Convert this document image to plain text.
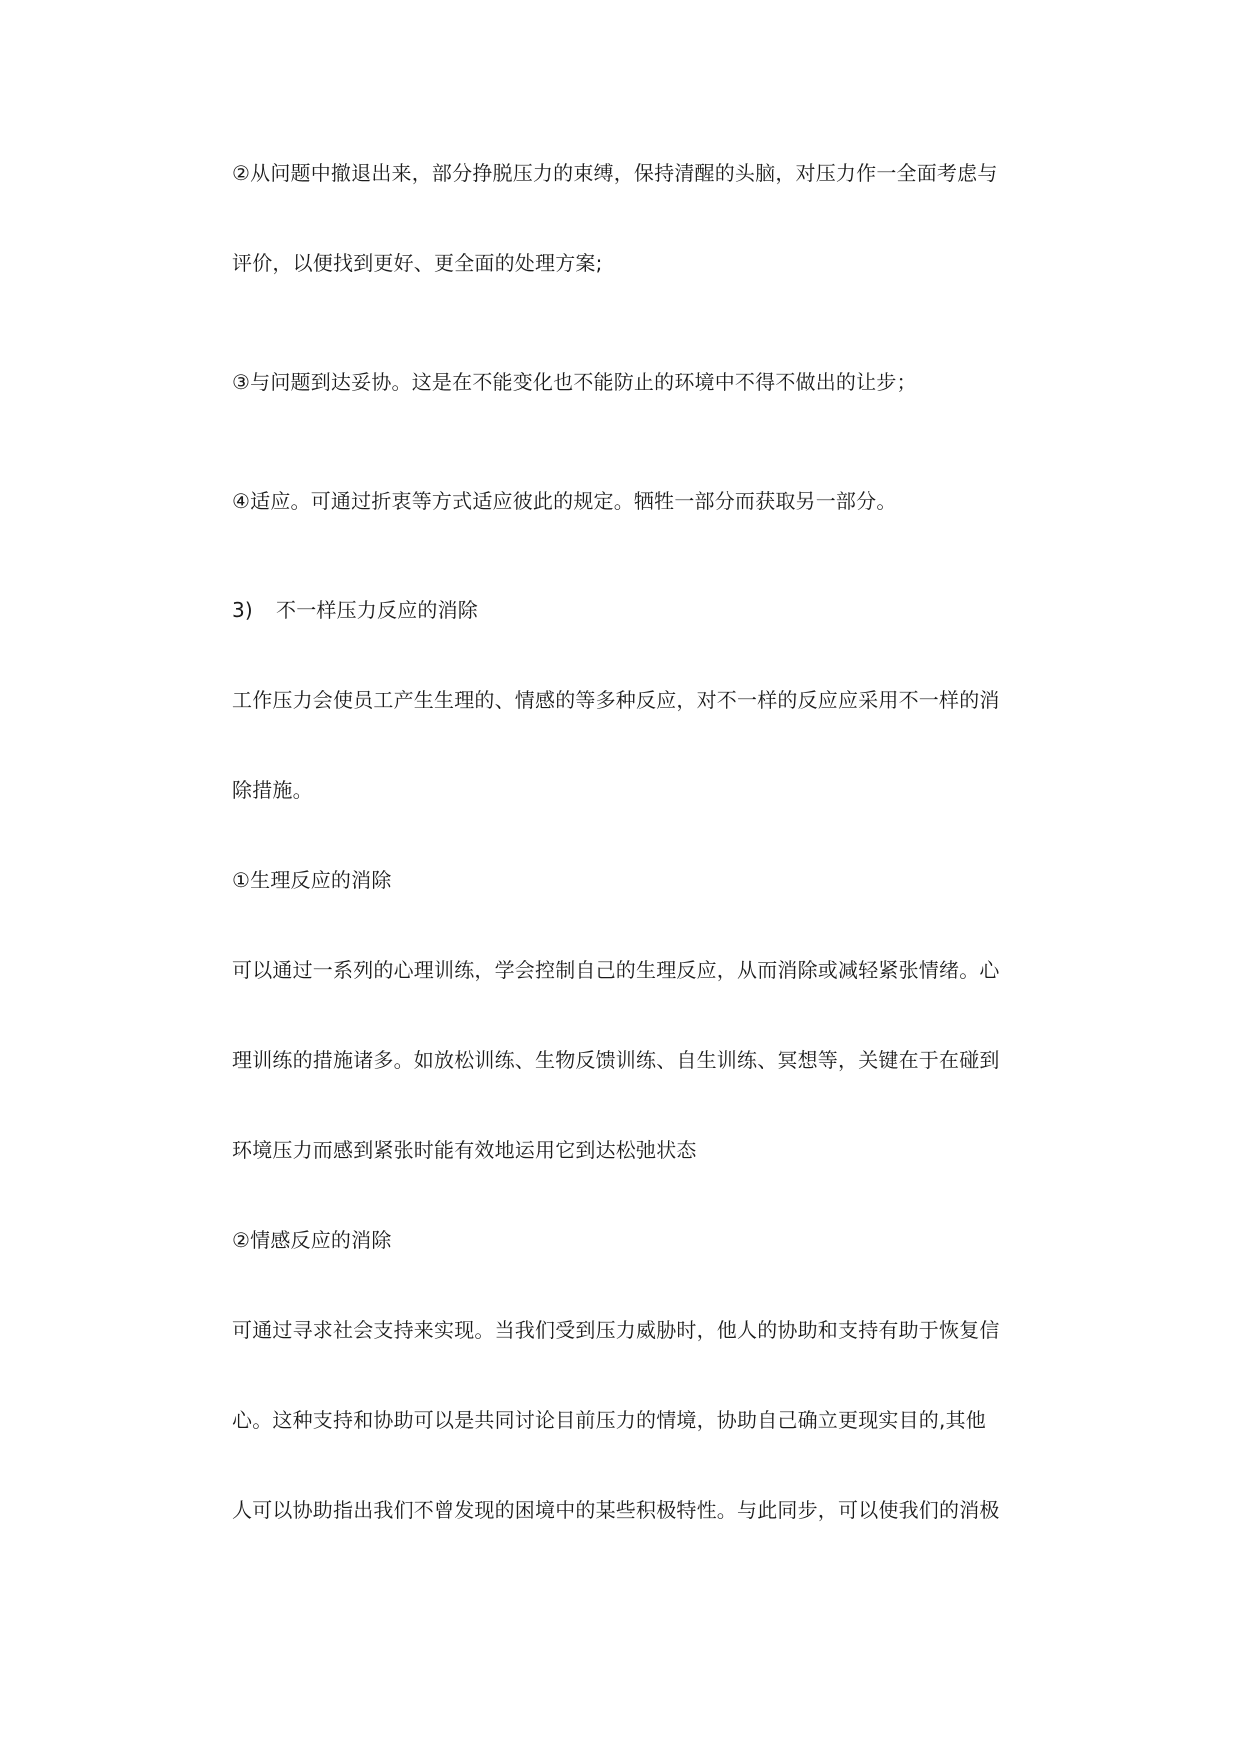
②从问题中撤退出来，部分挣脱压力的束缚，保持清醒的头脑，对压力作一全面考虑与
评价，以便找到更好、更全面的处理方案;
③与问题到达妥协。这是在不能变化也不能防止的环境中不得不做出的让步；
④适应。可通过折衷等方式适应彼此的规定。牺牲一部分而获取另一部分。
3) 不一样压力反应的消除
工作压力会使员工产生生理的、情感的等多种反应，对不一样的反应应采用不一样的消
除措施。
①生理反应的消除
可以通过一系列的心理训练，学会控制自己的生理反应，从而消除或减轻紧张情绪。心
理训练的措施诸多。如放松训练、生物反馈训练、自生训练、冥想等，关键在于在碰到
环境压力而感到紧张时能有效地运用它到达松弛状态
②情感反应的消除
可通过寻求社会支持来实现。当我们受到压力威胁时，他人的协助和支持有助于恢复信
心。这种支持和协助可以是共同讨论目前压力的情境，协助自己确立更现实目的,其他
人可以协助指出我们不曾发现的困境中的某些积极特性。与此同步，可以使我们的消极
